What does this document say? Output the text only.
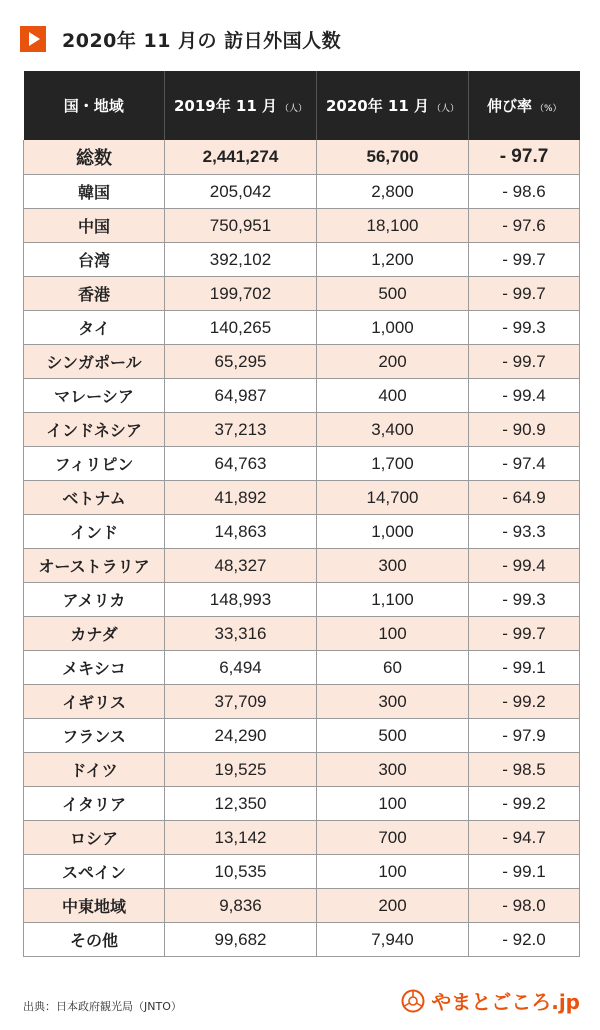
2020年 11 月の 訪日外国人数
国・地域	2019年 11 月 （人）	2020年 11 月 （人）	伸び率 （%）
総数	2,441,274	56,700	- 97.7
韓国	205,042	2,800	- 98.6
中国	750,951	18,100	- 97.6
台湾	392,102	1,200	- 99.7
香港	199,702	500	- 99.7
タイ	140,265	1,000	- 99.3
シンガポール	65,295	200	- 99.7
マレーシア	64,987	400	- 99.4
インドネシア	37,213	3,400	- 90.9
フィリピン	64,763	1,700	- 97.4
ベトナム	41,892	14,700	- 64.9
インド	14,863	1,000	- 93.3
オーストラリア	48,327	300	- 99.4
アメリカ	148,993	1,100	- 99.3
カナダ	33,316	100	- 99.7
メキシコ	6,494	60	- 99.1
イギリス	37,709	300	- 99.2
フランス	24,290	500	- 97.9
ドイツ	19,525	300	- 98.5
イタリア	12,350	100	- 99.2
ロシア	13,142	700	- 94.7
スペイン	10,535	100	- 99.1
中東地域	9,836	200	- 98.0
その他	99,682	7,940	- 92.0
出典：日本政府観光局（JNTO）	やまとごころ.jp
